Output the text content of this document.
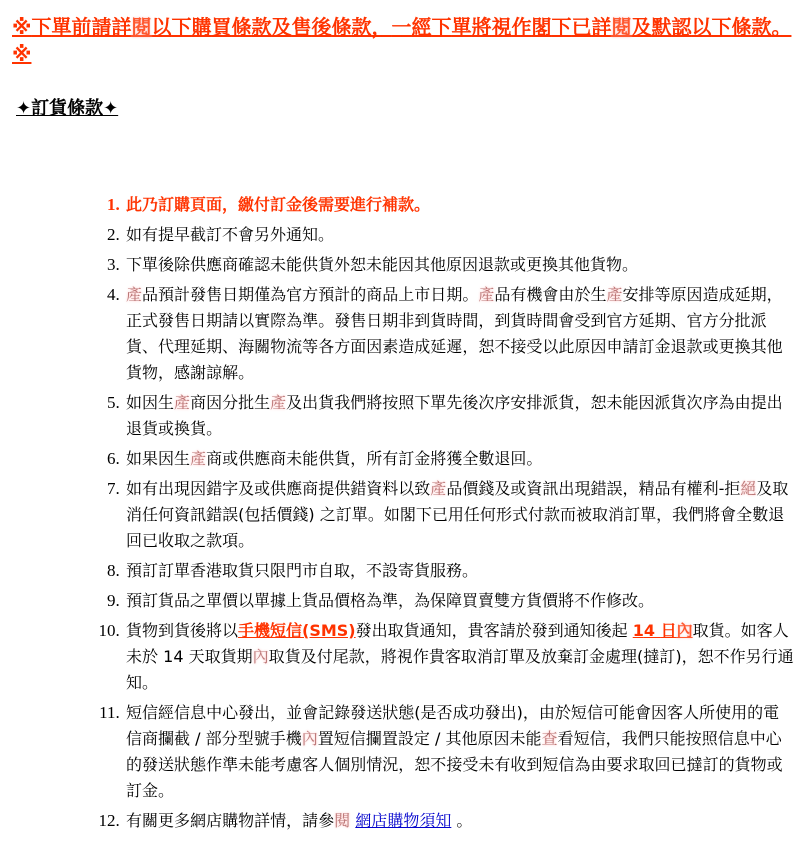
※下單前請詳閱以下購買條款及售後條款，一經下單將視作閣下已詳閱及默認以下條款。 ※
✦訂貨條款✦
1. 此乃訂購頁面，繳付訂金後需要進行補款。
2. 如有提早截訂不會另外通知。
3. 下單後除供應商確認未能供貨外恕未能因其他原因退款或更換其他貨物。
4. 產品預計發售日期僅為官方預計的商品上市日期。產品有機會由於生產安排等原因造成延期，正式發售日期請以實際為準。發售日期非到貨時間，到貨時間會受到官方延期、官方分批派貨、代理延期、海關物流等各方面因素造成延遲，恕不接受以此原因申請訂金退款或更換其他貨物，感謝諒解。
5. 如因生產商因分批生產及出貨我們將按照下單先後次序安排派貨，恕未能因派貨次序為由提出退貨或換貨。
6. 如果因生產商或供應商未能供貨，所有訂金將獲全數退回。
7. 如有出現因錯字及或供應商提供錯資料以致產品價錢及或資訊出現錯誤，精品有權利-拒絕及取消任何資訊錯誤(包括價錢) 之訂單。如閣下已用任何形式付款而被取消訂單，我們將會全數退回已收取之款項。
8. 預訂訂單香港取貨只限門市自取，不設寄貨服務。
9. 預訂貨品之單價以單據上貨品價格為準，為保障買賣雙方貨價將不作修改。
10. 貨物到貨後將以手機短信(SMS)發出取貨通知，貴客請於發到通知後起 14 日內取貨。如客人未於 14 天取貨期內取貨及付尾款，將視作貴客取消訂單及放棄訂金處理(撻訂)，恕不作另行通知。
11. 短信經信息中心發出，並會記錄發送狀態(是否成功發出)，由於短信可能會因客人所使用的電信商攔截 / 部分型號手機內置短信攔置設定 / 其他原因未能查看短信，我們只能按照信息中心的發送狀態作準未能考慮客人個別情況，恕不接受未有收到短信為由要求取回已撻訂的貨物或訂金。
12. 有關更多網店購物詳情，請參閱 網店購物須知 。
